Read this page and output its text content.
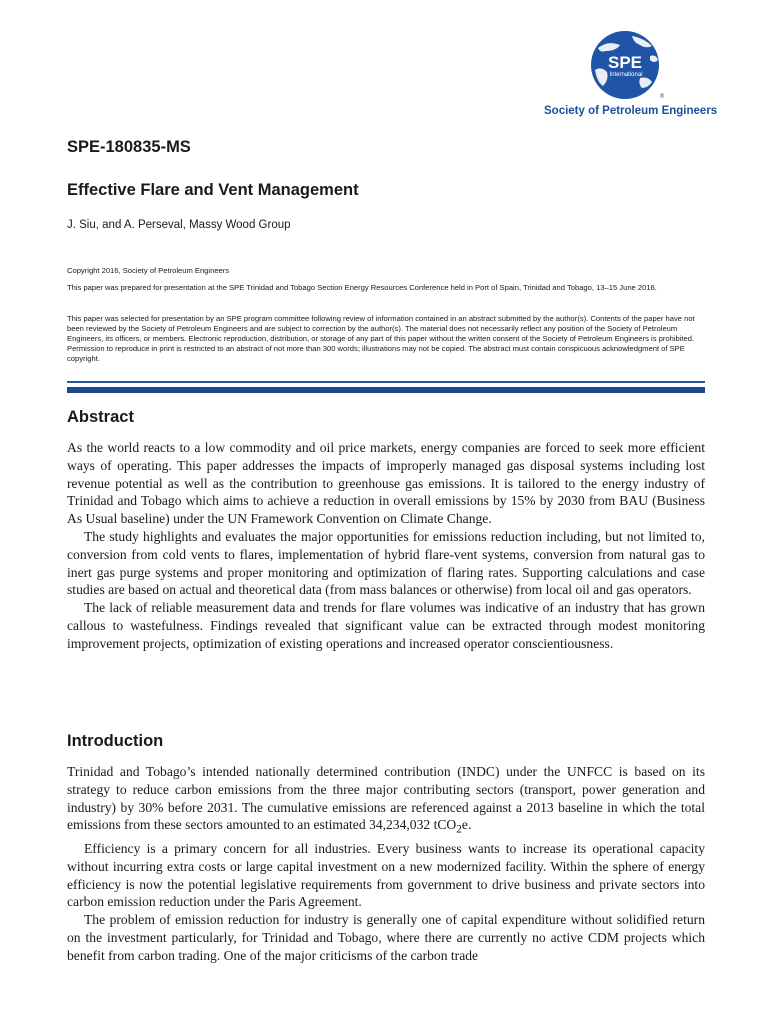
SPE
International
®
Society of Petroleum Engineers
SPE-180835-MS
Effective Flare and Vent Management
J. Siu, and A. Perseval, Massy Wood Group
Copyright 2016, Society of Petroleum Engineers
This paper was prepared for presentation at the SPE Trinidad and Tobago Section Energy Resources Conference held in Port of Spain, Trinidad and Tobago, 13–15 June 2016.
This paper was selected for presentation by an SPE program committee following review of information contained in an abstract submitted by the author(s). Contents of the paper have not been reviewed by the Society of Petroleum Engineers and are subject to correction by the author(s). The material does not necessarily reflect any position of the Society of Petroleum Engineers, its officers, or members. Electronic reproduction, distribution, or storage of any part of this paper without the written consent of the Society of Petroleum Engineers is prohibited. Permission to reproduce in print is restricted to an abstract of not more than 300 words; illustrations may not be copied. The abstract must contain conspicuous acknowledgment of SPE copyright.
Abstract

As the world reacts to a low commodity and oil price markets, energy companies are forced to seek more efficient ways of operating. This paper addresses the impacts of improperly managed gas disposal systems including lost revenue potential as well as the contribution to greenhouse gas emissions. It is tailored to the energy industry of Trinidad and Tobago which aims to achieve a reduction in overall emissions by 15% by 2030 from BAU (Business As Usual baseline) under the UN Framework Convention on Climate Change.

The study highlights and evaluates the major opportunities for emissions reduction including, but not limited to, conversion from cold vents to flares, implementation of hybrid flare-vent systems, conversion from natural gas to inert gas purge systems and proper monitoring and optimization of flaring rates. Supporting calculations and case studies are based on actual and theoretical data (from mass balances or otherwise) from local oil and gas operators.

The lack of reliable measurement data and trends for flare volumes was indicative of an industry that has grown callous to wastefulness. Findings revealed that significant value can be extracted through modest monitoring improvement projects, optimization of existing operations and increased operator conscientiousness.

Introduction

Trinidad and Tobago’s intended nationally determined contribution (INDC) under the UNFCC is based on its strategy to reduce carbon emissions from the three major contributing sectors (transport, power generation and industry) by 30% before 2031. The cumulative emissions are referenced against a 2013 baseline in which the total emissions from these sectors amounted to an estimated 34,234,032 tCO$_2$e.

Efficiency is a primary concern for all industries. Every business wants to increase its operational capacity without incurring extra costs or large capital investment on a new modernized facility. Within the sphere of energy efficiency is now the potential legislative requirements from government to drive business and private sectors into carbon emission reduction under the Paris Agreement.

The problem of emission reduction for industry is generally one of capital expenditure without solidified return on the investment particularly, for Trinidad and Tobago, where there are currently no active CDM projects which benefit from carbon trading. One of the major criticisms of the carbon trade
